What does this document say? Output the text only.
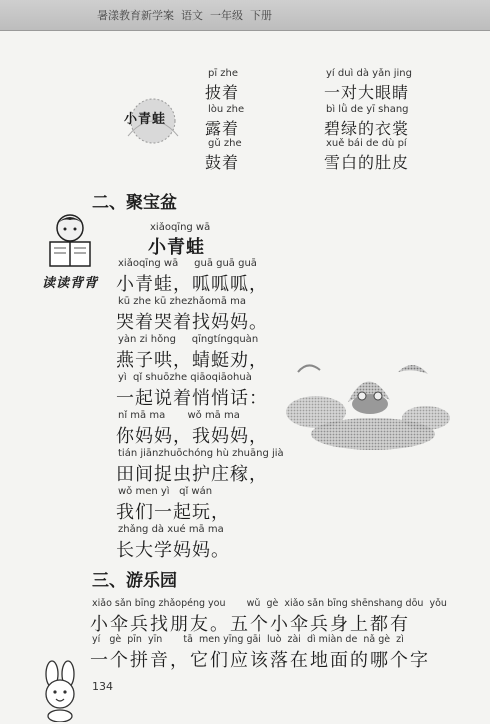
暑漾教育新学案  语文  一年级  下册
小青蛙
pī zhe
披着
yí duì dà yǎn jing
一对大眼睛
lòu zhe
露着
bì lǜ de yī shang
碧绿的衣裳
gǔ zhe
鼓着
xuě bái de dù pí
雪白的肚皮
二、聚宝盆
读读背背
xiǎoqīng wā
小青蛙
xiǎoqīng wā     guā guā guā
小青蛙，呱呱呱，
kū zhe kū zhezhǎomā ma
哭着哭着找妈妈。
yàn zi hǒng     qīngtíngquàn
燕子哄，蜻蜓劝，
yì  qǐ shuōzhe qiāoqiāohuà
一起说着悄悄话：
nǐ mā ma       wǒ mā ma
你妈妈，我妈妈，
tián jiānzhuōchóng hù zhuāng jià
田间捉虫护庄稼，
wǒ men yì   qǐ wán
我们一起玩，
zhǎng dà xué mā ma
长大学妈妈。
三、游乐园
xiǎo sǎn bīng zhǎopéng you       wǔ  gè  xiǎo sǎn bīng shēnshang dōu  yǒu
小伞兵找朋友。五个小伞兵身上都有
yí   gè  pīn  yīn       tā  men yīng gāi  luò  zài  dì miàn de  nǎ gè  zì
一个拼音，它们应该落在地面的哪个字
134
